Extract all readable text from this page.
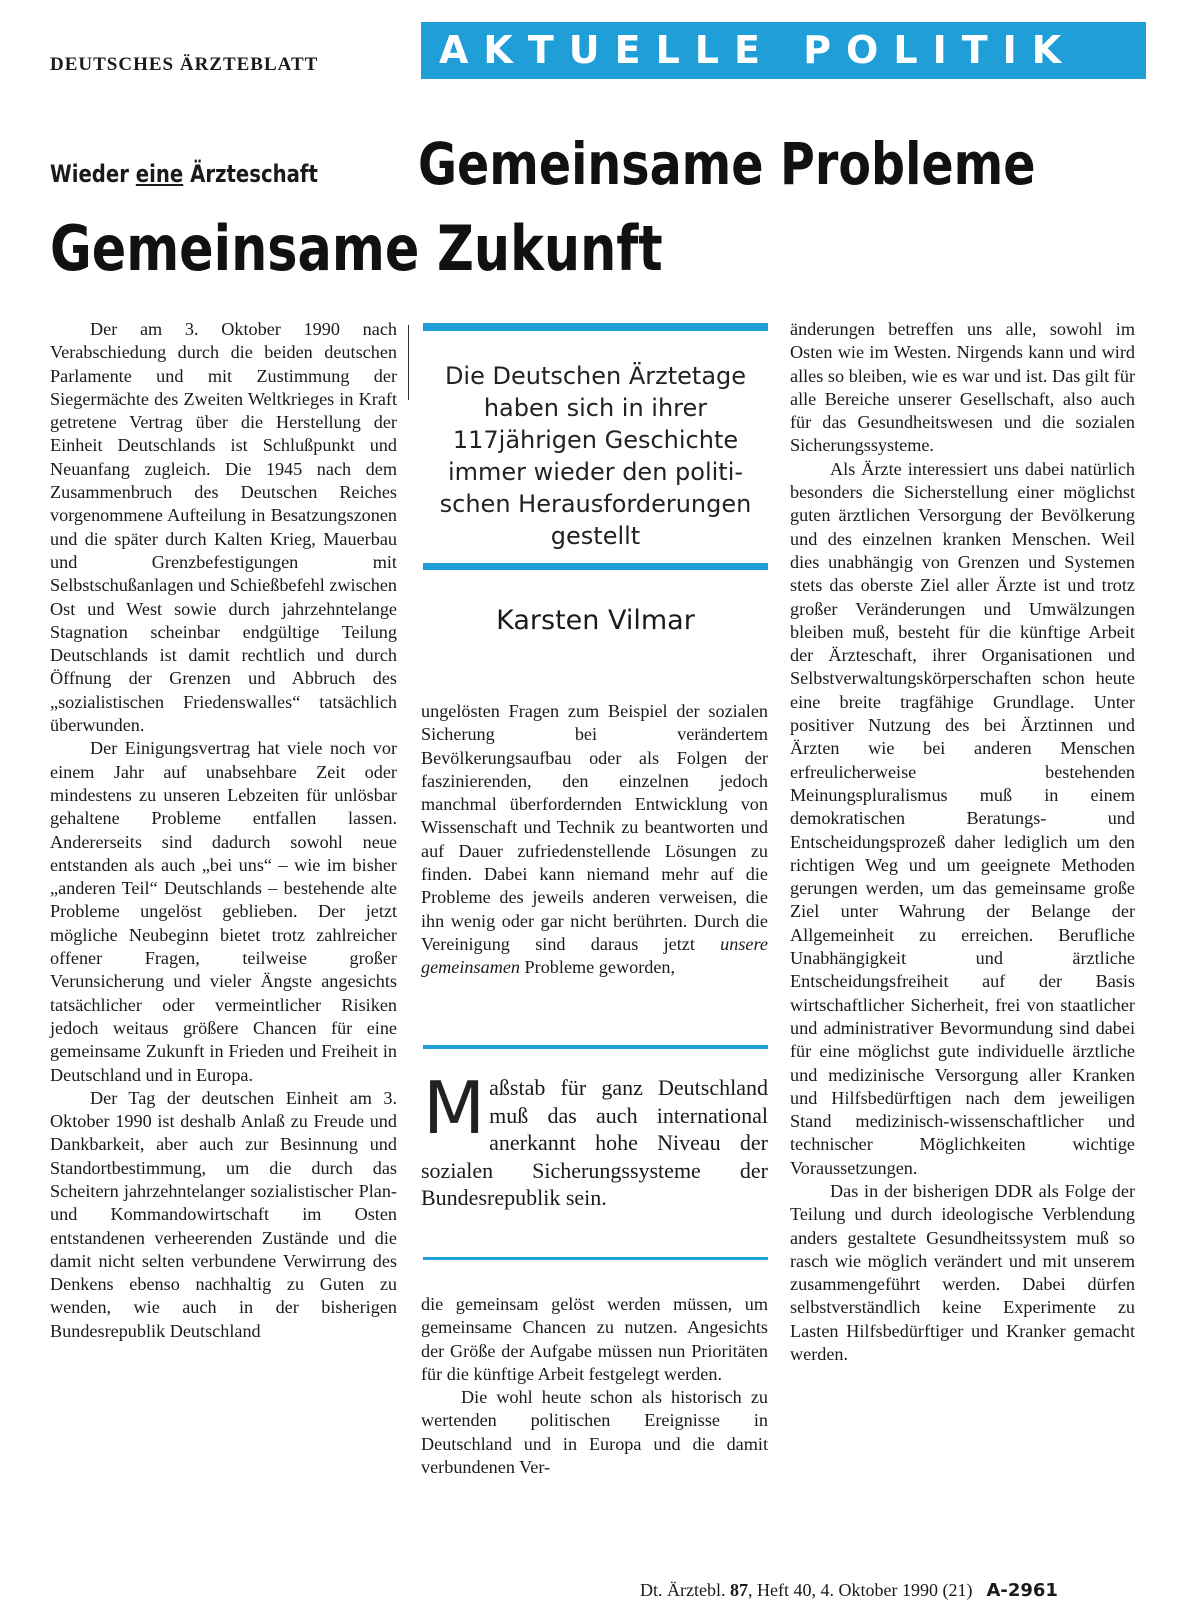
DEUTSCHES ÄRZTEBLATT	AKTUELLE POLITIK
Wieder eine Ärzteschaft Gemeinsame Probleme
Gemeinsame Zukunft

Der am 3. Oktober 1990 nach Verabschiedung durch die beiden deutschen Parlamente und mit Zustimmung der Siegermächte des Zweiten Weltkrieges in Kraft getretene Vertrag über die Herstellung der Einheit Deutschlands ist Schlußpunkt und Neuanfang zugleich. Die 1945 nach dem Zusammenbruch des Deutschen Reiches vorgenommene Aufteilung in Besatzungszonen und die später durch Kalten Krieg, Mauerbau und Grenzbefestigungen mit Selbstschußanlagen und Schießbefehl zwischen Ost und West sowie durch jahrzehntelange Stagnation scheinbar endgültige Teilung Deutschlands ist damit rechtlich und durch Öffnung der Grenzen und Abbruch des „sozialistischen Friedenswalles“ tatsächlich überwunden.

Der Einigungsvertrag hat viele noch vor einem Jahr auf unabsehbare Zeit oder mindestens zu unseren Lebzeiten für unlösbar gehaltene Probleme entfallen lassen. Andererseits sind dadurch sowohl neue entstanden als auch „bei uns“ – wie im bisher „anderen Teil“ Deutschlands – bestehende alte Probleme ungelöst geblieben. Der jetzt mögliche Neubeginn bietet trotz zahlreicher offener Fragen, teilweise großer Verunsicherung und vieler Ängste angesichts tatsächlicher oder vermeintlicher Risiken jedoch weitaus größere Chancen für eine gemeinsame Zukunft in Frieden und Freiheit in Deutschland und in Europa.

Der Tag der deutschen Einheit am 3. Oktober 1990 ist deshalb Anlaß zu Freude und Dankbarkeit, aber auch zur Besinnung und Standortbestimmung, um die durch das Scheitern jahrzehntelanger sozialistischer Plan- und Kommandowirtschaft im Osten entstandenen verheerenden Zustände und die damit nicht selten verbundene Verwirrung des Denkens ebenso nachhaltig zu Guten zu wenden, wie auch in der bisherigen Bundesrepublik Deutschland

Die Deutschen Ärztetage haben sich in ihrer 117jährigen Geschichte immer wieder den politi-schen Herausforderungen gestellt
Karsten Vilmar

ungelösten Fragen zum Beispiel der sozialen Sicherung bei verändertem Bevölkerungsaufbau oder als Folgen der faszinierenden, den einzelnen jedoch manchmal überfordernden Entwicklung von Wissenschaft und Technik zu beantworten und auf Dauer zufriedenstellende Lösungen zu finden. Dabei kann niemand mehr auf die Probleme des jeweils anderen verweisen, die ihn wenig oder gar nicht berührten. Durch die Vereinigung sind daraus jetzt unsere gemeinsamen Probleme geworden,

Maßstab für ganz Deutschland muß das auch international anerkannt hohe Niveau der sozialen Sicherungssysteme der Bundesrepublik sein.

die gemeinsam gelöst werden müssen, um gemeinsame Chancen zu nutzen. Angesichts der Größe der Aufgabe müssen nun Prioritäten für die künftige Arbeit festgelegt werden.

Die wohl heute schon als historisch zu wertenden politischen Ereignisse in Deutschland und in Europa und die damit verbundenen Ver-

änderungen betreffen uns alle, sowohl im Osten wie im Westen. Nirgends kann und wird alles so bleiben, wie es war und ist. Das gilt für alle Bereiche unserer Gesellschaft, also auch für das Gesundheitswesen und die sozialen Sicherungssysteme.

Als Ärzte interessiert uns dabei natürlich besonders die Sicherstellung einer möglichst guten ärztlichen Versorgung der Bevölkerung und des einzelnen kranken Menschen. Weil dies unabhängig von Grenzen und Systemen stets das oberste Ziel aller Ärzte ist und trotz großer Veränderungen und Umwälzungen bleiben muß, besteht für die künftige Arbeit der Ärzteschaft, ihrer Organisationen und Selbstverwaltungskörperschaften schon heute eine breite tragfähige Grundlage. Unter positiver Nutzung des bei Ärztinnen und Ärzten wie bei anderen Menschen erfreulicherweise bestehenden Meinungspluralismus muß in einem demokratischen Beratungs- und Entscheidungsprozeß daher lediglich um den richtigen Weg und um geeignete Methoden gerungen werden, um das gemeinsame große Ziel unter Wahrung der Belange der Allgemeinheit zu erreichen. Berufliche Unabhängigkeit und ärztliche Entscheidungsfreiheit auf der Basis wirtschaftlicher Sicherheit, frei von staatlicher und administrativer Bevormundung sind dabei für eine möglichst gute individuelle ärztliche und medizinische Versorgung aller Kranken und Hilfsbedürftigen nach dem jeweiligen Stand medizinisch-wissenschaftlicher und technischer Möglichkeiten wichtige Voraussetzungen.

Das in der bisherigen DDR als Folge der Teilung und durch ideologische Verblendung anders gestaltete Gesundheitssystem muß so rasch wie möglich verändert und mit unserem zusammengeführt werden. Dabei dürfen selbstverständlich keine Experimente zu Lasten Hilfsbedürftiger und Kranker gemacht werden.

Dt. Ärztebl. 87, Heft 40, 4. Oktober 1990 (21) A-2961
